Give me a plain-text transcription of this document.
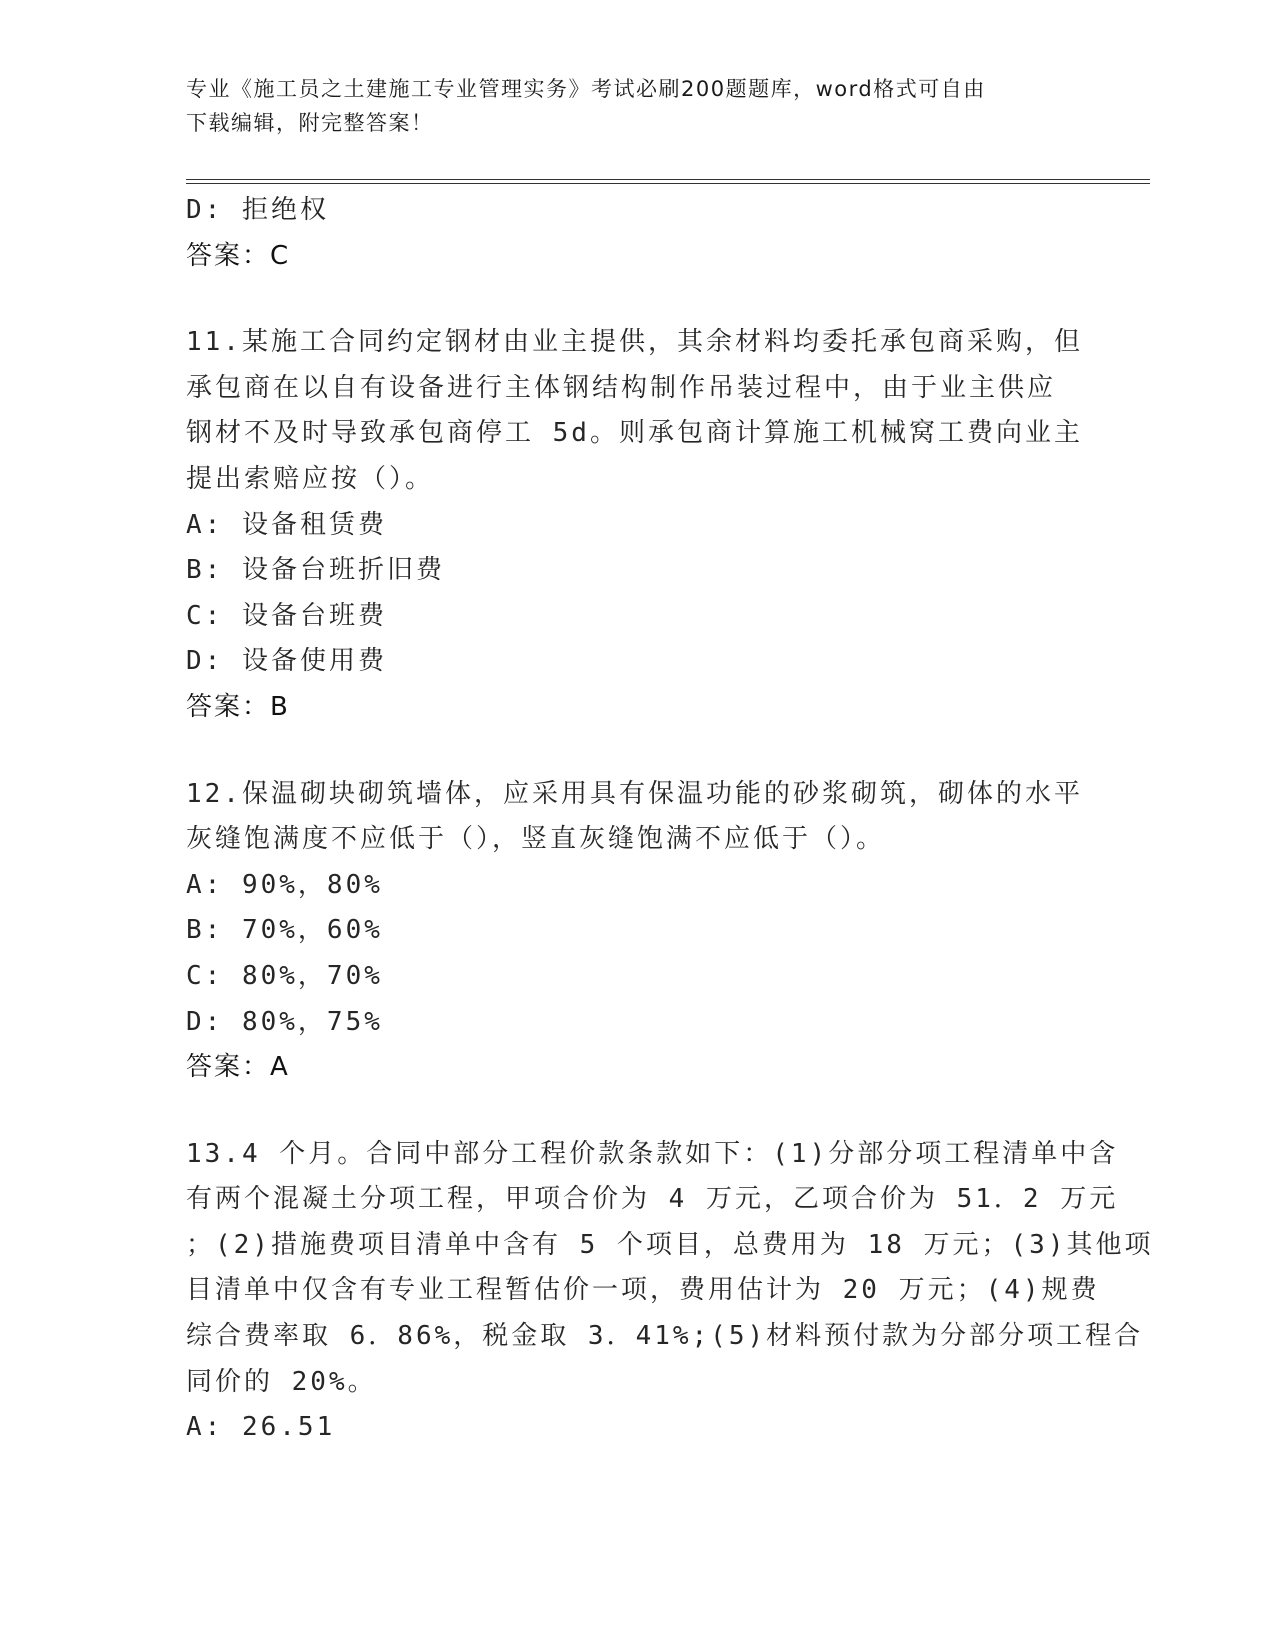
专业《施工员之土建施工专业管理实务》考试必刷200题题库，word格式可自由
下载编辑，附完整答案！
D: 拒绝权
答案：C
11.某施工合同约定钢材由业主提供，其余材料均委托承包商采购，但
承包商在以自有设备进行主体钢结构制作吊装过程中，由于业主供应
钢材不及时导致承包商停工 5d。则承包商计算施工机械窝工费向业主
提出索赔应按（）。
A: 设备租赁费
B: 设备台班折旧费
C: 设备台班费
D: 设备使用费
答案：B
12.保温砌块砌筑墙体，应采用具有保温功能的砂浆砌筑，砌体的水平
灰缝饱满度不应低于（），竖直灰缝饱满不应低于（）。
A: 90%，80%
B: 70%，60%
C: 80%，70%
D: 80%，75%
答案：A
13.4 个月。合同中部分工程价款条款如下：(1)分部分项工程清单中含
有两个混凝土分项工程，甲项合价为 4 万元，乙项合价为 51．2 万元
；(2)措施费项目清单中含有 5 个项目，总费用为 18 万元；(3)其他项
目清单中仅含有专业工程暂估价一项，费用估计为 20 万元；(4)规费
综合费率取 6．86%，税金取 3．41%;(5)材料预付款为分部分项工程合
同价的 20%。
A: 26.51
